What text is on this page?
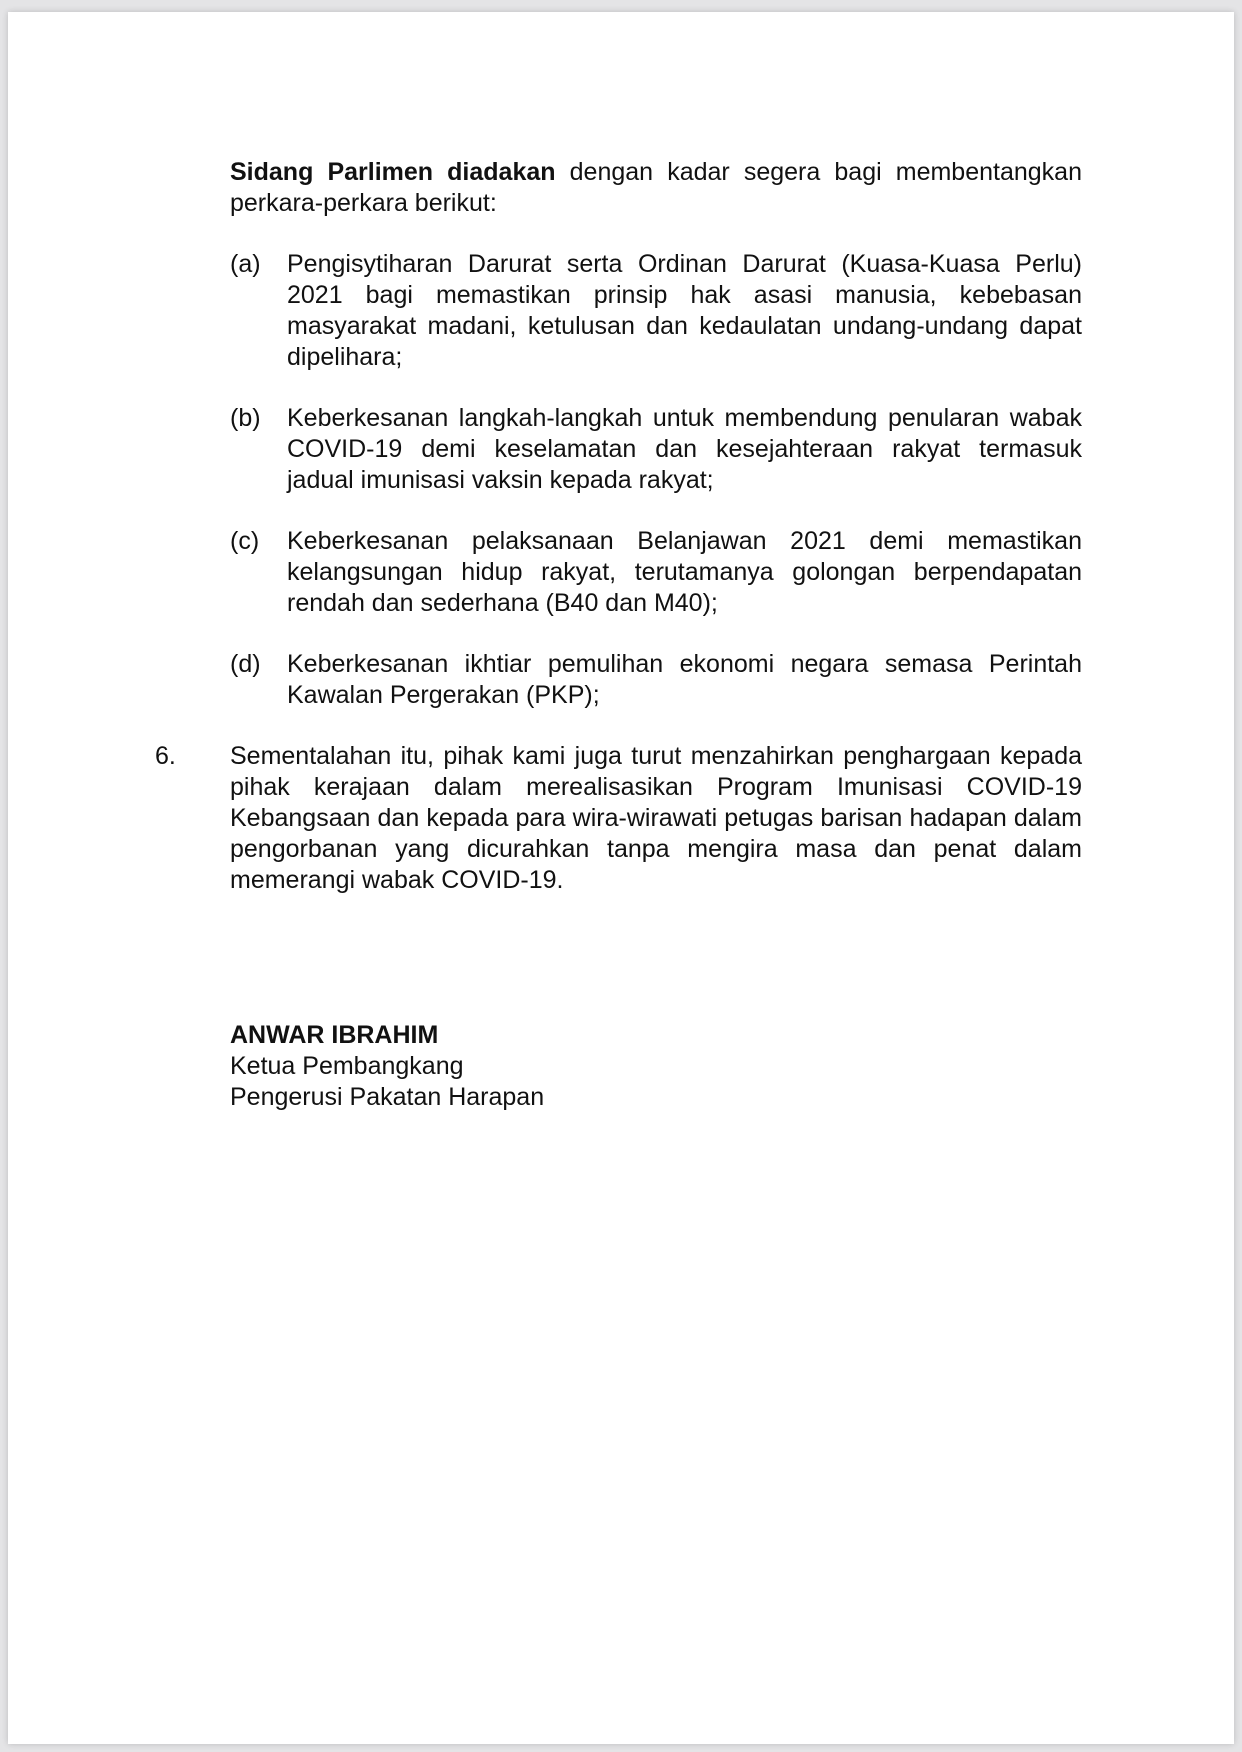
Sidang Parlimen diadakan dengan kadar segera bagi membentangkan perkara-perkara berikut:

(a) Pengisytiharan Darurat serta Ordinan Darurat (Kuasa-Kuasa Perlu) 2021 bagi memastikan prinsip hak asasi manusia, kebebasan masyarakat madani, ketulusan dan kedaulatan undang-undang dapat dipelihara;
(b) Keberkesanan langkah-langkah untuk membendung penularan wabak COVID-19 demi keselamatan dan kesejahteraan rakyat termasuk jadual imunisasi vaksin kepada rakyat;
(c) Keberkesanan pelaksanaan Belanjawan 2021 demi memastikan kelangsungan hidup rakyat, terutamanya golongan berpendapatan rendah dan sederhana (B40 dan M40);
(d) Keberkesanan ikhtiar pemulihan ekonomi negara semasa Perintah Kawalan Pergerakan (PKP);
6. Sementalahan itu, pihak kami juga turut menzahirkan penghargaan kepada pihak kerajaan dalam merealisasikan Program Imunisasi COVID-19 Kebangsaan dan kepada para wira-wirawati petugas barisan hadapan dalam pengorbanan yang dicurahkan tanpa mengira masa dan penat dalam memerangi wabak COVID-19.
ANWAR IBRAHIM
Ketua Pembangkang
Pengerusi Pakatan Harapan
